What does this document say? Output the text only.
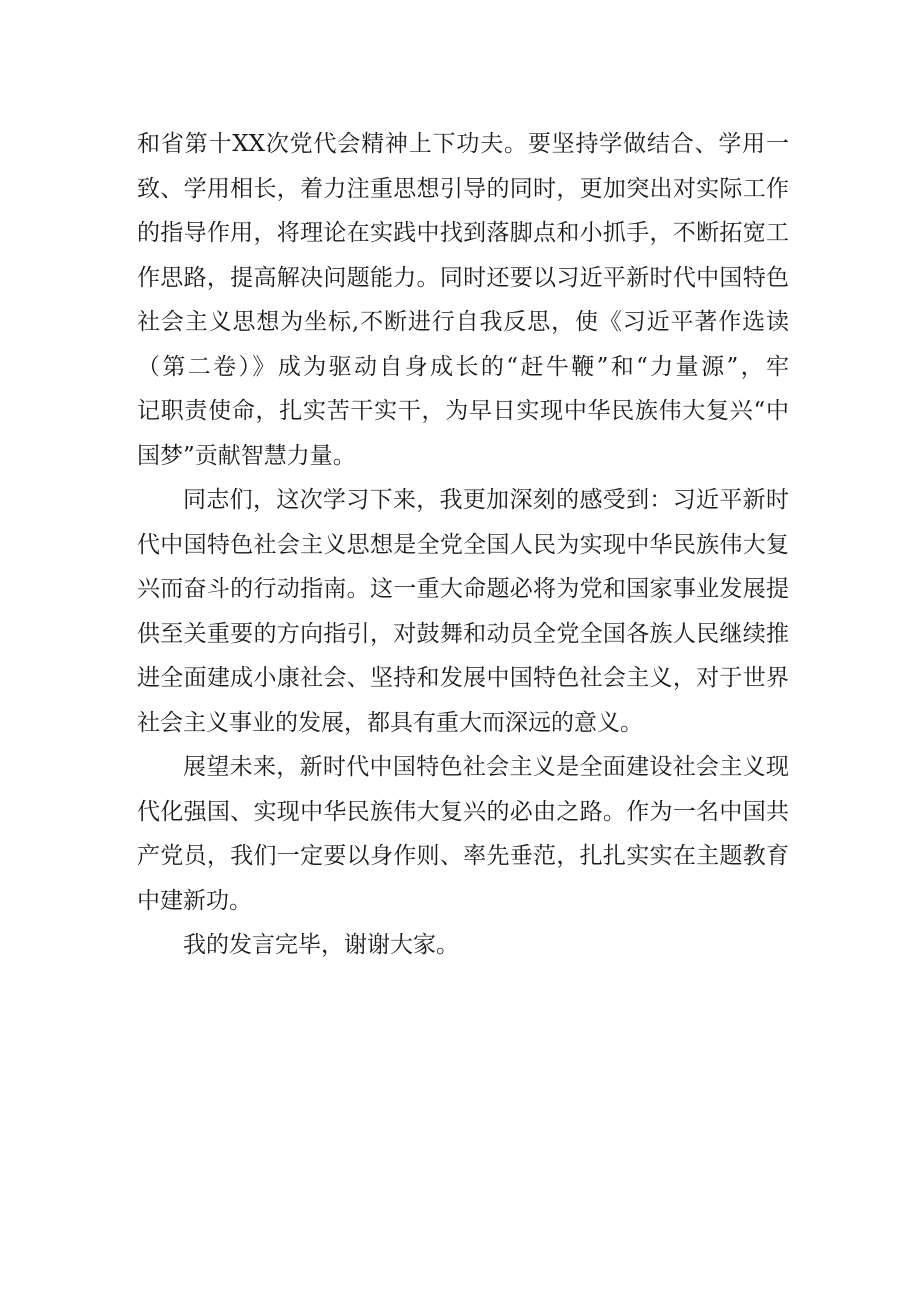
和省第十XX次党代会精神上下功夫。要坚持学做结合、学用一
致、学用相长，着力注重思想引导的同时，更加突出对实际工作
的指导作用，将理论在实践中找到落脚点和小抓手，不断拓宽工
作思路，提高解决问题能力。同时还要以习近平新时代中国特色
社会主义思想为坐标,不断进行自我反思，使《习近平著作选读
（第二卷）》成为驱动自身成长的“赶牛鞭”和“力量源”，牢
记职责使命，扎实苦干实干，为早日实现中华民族伟大复兴“中
国梦”贡献智慧力量。
同志们，这次学习下来，我更加深刻的感受到：习近平新时
代中国特色社会主义思想是全党全国人民为实现中华民族伟大复
兴而奋斗的行动指南。这一重大命题必将为党和国家事业发展提
供至关重要的方向指引，对鼓舞和动员全党全国各族人民继续推
进全面建成小康社会、坚持和发展中国特色社会主义，对于世界
社会主义事业的发展，都具有重大而深远的意义。
展望未来，新时代中国特色社会主义是全面建设社会主义现
代化强国、实现中华民族伟大复兴的必由之路。作为一名中国共
产党员，我们一定要以身作则、率先垂范，扎扎实实在主题教育
中建新功。
我的发言完毕，谢谢大家。
